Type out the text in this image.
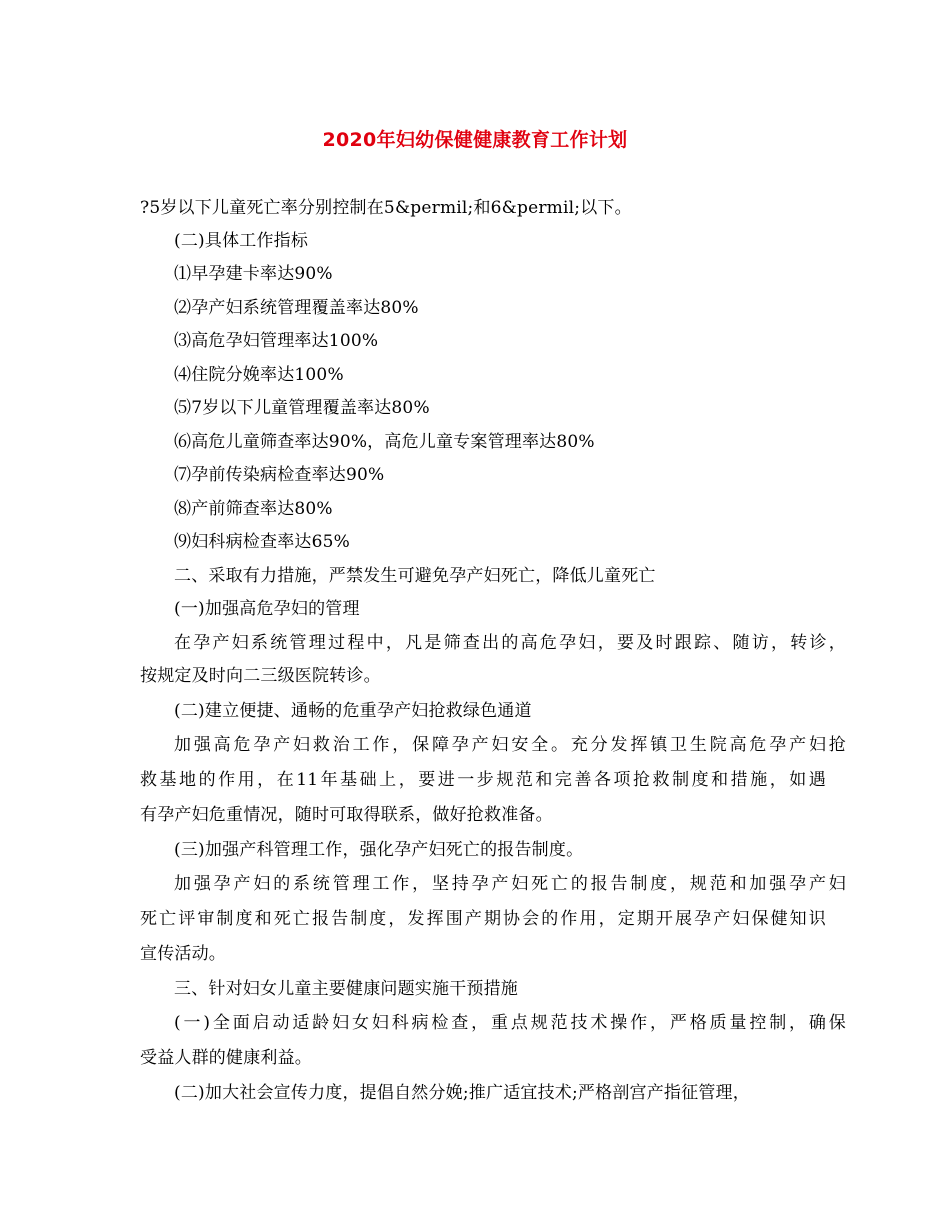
2020年妇幼保健健康教育工作计划
?5岁以下儿童死亡率分别控制在5&permil;和6&permil;以下。
(二)具体工作指标
⑴早孕建卡率达90%
⑵孕产妇系统管理覆盖率达80%
⑶高危孕妇管理率达100%
⑷住院分娩率达100%
⑸7岁以下儿童管理覆盖率达80%
⑹高危儿童筛查率达90%，高危儿童专案管理率达80%
⑺孕前传染病检查率达90%
⑻产前筛查率达80%
⑼妇科病检查率达65%
二、采取有力措施，严禁发生可避免孕产妇死亡，降低儿童死亡
(一)加强高危孕妇的管理
在孕产妇系统管理过程中，凡是筛查出的高危孕妇，要及时跟踪、随访，转诊，
按规定及时向二三级医院转诊。
(二)建立便捷、通畅的危重孕产妇抢救绿色通道
加强高危孕产妇救治工作，保障孕产妇安全。充分发挥镇卫生院高危孕产妇抢
救基地的作用，在11年基础上，要进一步规范和完善各项抢救制度和措施，如遇
有孕产妇危重情况，随时可取得联系，做好抢救准备。
(三)加强产科管理工作，强化孕产妇死亡的报告制度。
加强孕产妇的系统管理工作，坚持孕产妇死亡的报告制度，规范和加强孕产妇
死亡评审制度和死亡报告制度，发挥围产期协会的作用，定期开展孕产妇保健知识
宣传活动。
三、针对妇女儿童主要健康问题实施干预措施
(一)全面启动适龄妇女妇科病检查，重点规范技术操作，严格质量控制，确保
受益人群的健康利益。
(二)加大社会宣传力度，提倡自然分娩;推广适宜技术;严格剖宫产指征管理，
